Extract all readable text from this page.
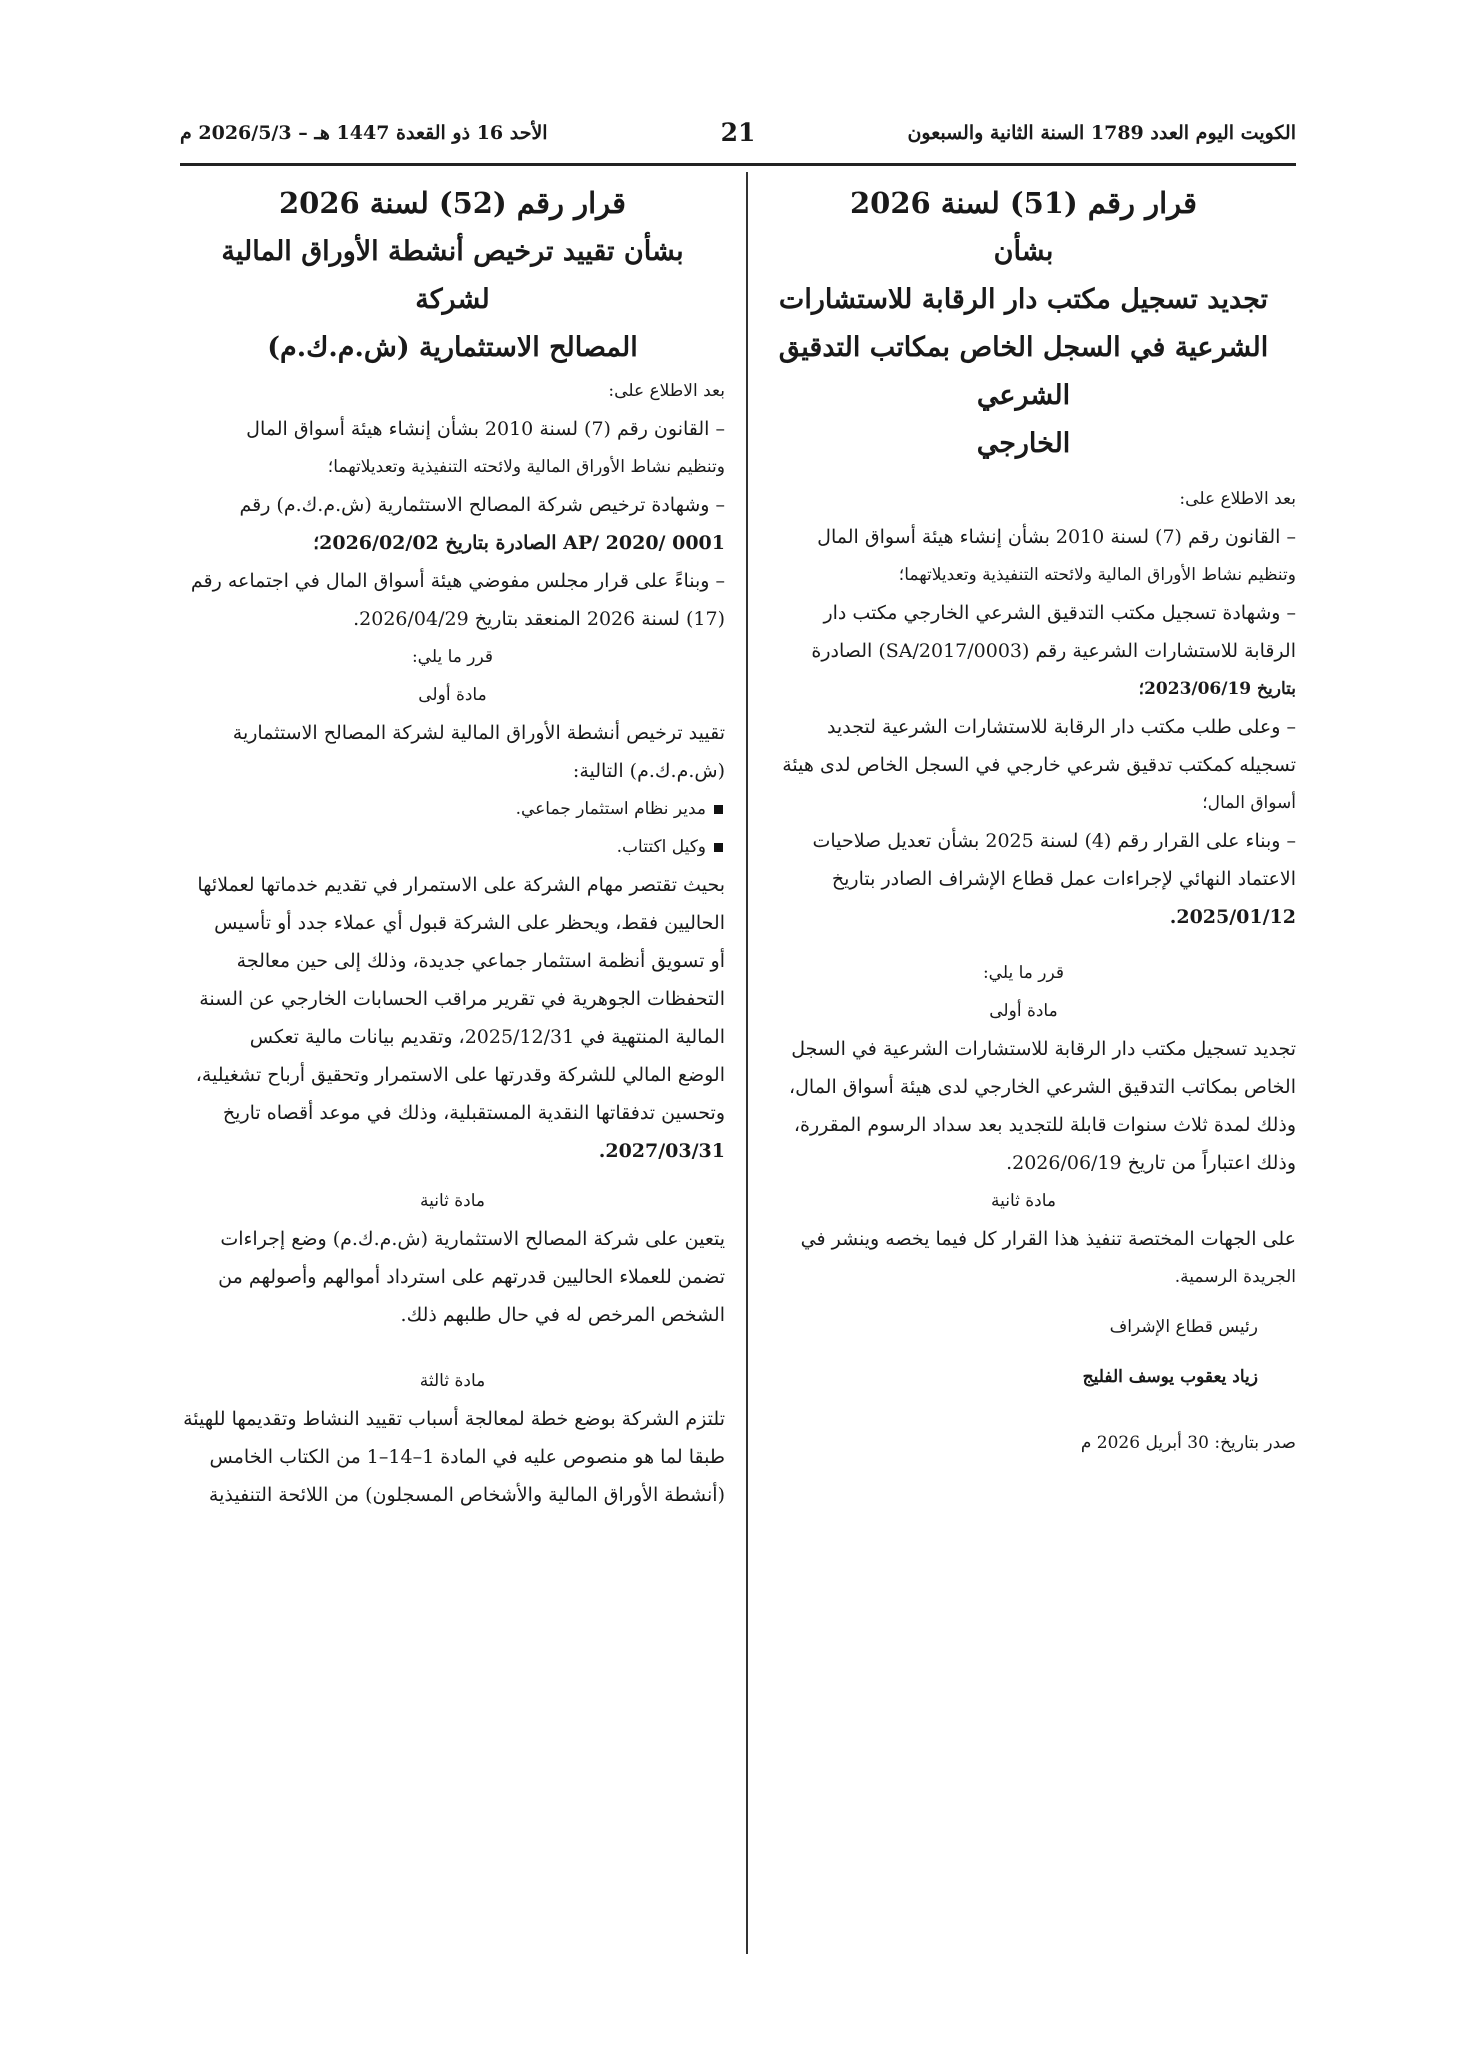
الكويت اليوم العدد 1789 السنة الثانية والسبعون
21
الأحد 16 ذو القعدة 1447 هـ – 2026/5/3 م

قرار رقم (51) لسنة 2026

بشأن

تجديد تسجيل مكتب دار الرقابة للاستشارات

الشرعية في السجل الخاص بمكاتب التدقيق الشرعي

الخارجي

بعد الاطلاع على:

– القانون رقم (7) لسنة 2010 بشأن إنشاء هيئة أسواق المال

وتنظيم نشاط الأوراق المالية ولائحته التنفيذية وتعديلاتهما؛

– وشهادة تسجيل مكتب التدقيق الشرعي الخارجي مكتب دار

الرقابة للاستشارات الشرعية رقم (SA/2017/0003) الصادرة

بتاريخ 2023/06/19؛

– وعلى طلب مكتب دار الرقابة للاستشارات الشرعية لتجديد

تسجيله كمكتب تدقيق شرعي خارجي في السجل الخاص لدى هيئة

أسواق المال؛

– وبناء على القرار رقم (4) لسنة 2025 بشأن تعديل صلاحيات

الاعتماد النهائي لإجراءات عمل قطاع الإشراف الصادر بتاريخ

2025/01/12.

قرر ما يلي:

مادة أولى

تجديد تسجيل مكتب دار الرقابة للاستشارات الشرعية في السجل

الخاص بمكاتب التدقيق الشرعي الخارجي لدى هيئة أسواق المال،

وذلك لمدة ثلاث سنوات قابلة للتجديد بعد سداد الرسوم المقررة،

وذلك اعتباراً من تاريخ 2026/06/19.

مادة ثانية

على الجهات المختصة تنفيذ هذا القرار كل فيما يخصه وينشر في

الجريدة الرسمية.

رئيس قطاع الإشراف

زياد يعقوب يوسف الفليج

صدر بتاريخ: 30 أبريل 2026 م

قرار رقم (52) لسنة 2026

بشأن تقييد ترخيص أنشطة الأوراق المالية لشركة

المصالح الاستثمارية (ش.م.ك.م)

بعد الاطلاع على:

– القانون رقم (7) لسنة 2010 بشأن إنشاء هيئة أسواق المال

وتنظيم نشاط الأوراق المالية ولائحته التنفيذية وتعديلاتهما؛

– وشهادة ترخيص شركة المصالح الاستثمارية (ش.م.ك.م) رقم

AP/ 2020/ 0001 الصادرة بتاريخ 2026/02/02؛

– وبناءً على قرار مجلس مفوضي هيئة أسواق المال في اجتماعه رقم

(17) لسنة 2026 المنعقد بتاريخ 2026/04/29.

قرر ما يلي:

مادة أولى

تقييد ترخيص أنشطة الأوراق المالية لشركة المصالح الاستثمارية

(ش.م.ك.م) التالية:

مدير نظام استثمار جماعي.

وكيل اكتتاب.

بحيث تقتصر مهام الشركة على الاستمرار في تقديم خدماتها لعملائها

الحاليين فقط، ويحظر على الشركة قبول أي عملاء جدد أو تأسيس

أو تسويق أنظمة استثمار جماعي جديدة، وذلك إلى حين معالجة

التحفظات الجوهرية في تقرير مراقب الحسابات الخارجي عن السنة

المالية المنتهية في 2025/12/31، وتقديم بيانات مالية تعكس

الوضع المالي للشركة وقدرتها على الاستمرار وتحقيق أرباح تشغيلية،

وتحسين تدفقاتها النقدية المستقبلية، وذلك في موعد أقصاه تاريخ

2027/03/31.

مادة ثانية

يتعين على شركة المصالح الاستثمارية (ش.م.ك.م) وضع إجراءات

تضمن للعملاء الحاليين قدرتهم على استرداد أموالهم وأصولهم من

الشخص المرخص له في حال طلبهم ذلك.

مادة ثالثة

تلتزم الشركة بوضع خطة لمعالجة أسباب تقييد النشاط وتقديمها للهيئة

طبقا لما هو منصوص عليه في المادة 1–14–1 من الكتاب الخامس

(أنشطة الأوراق المالية والأشخاص المسجلون) من اللائحة التنفيذية
